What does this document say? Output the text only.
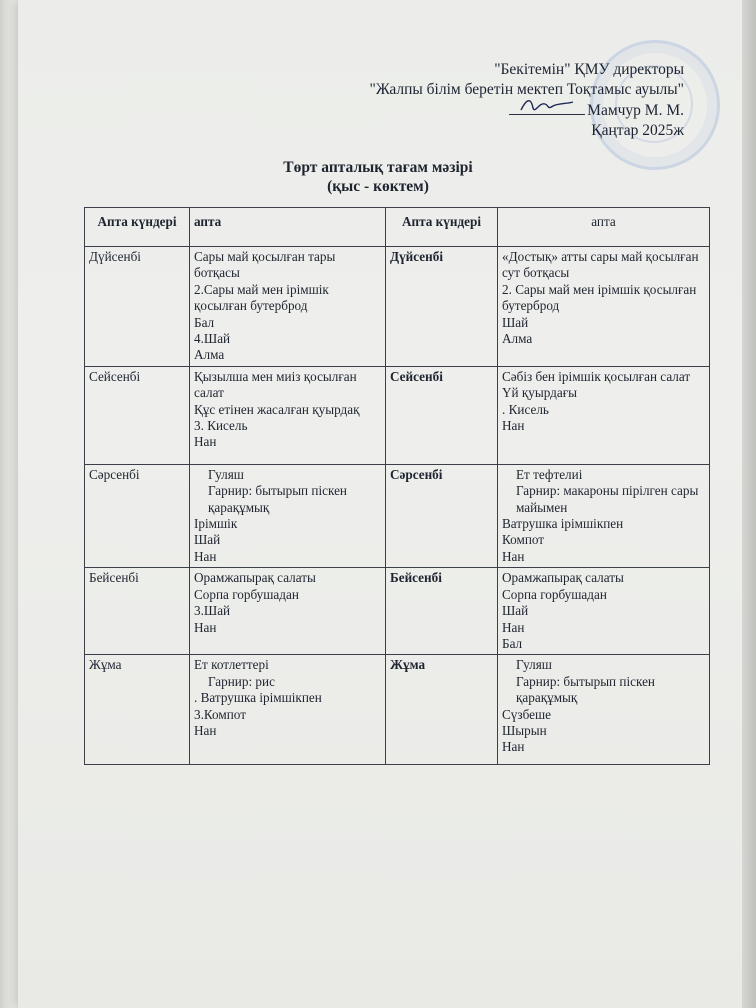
"Бекітемін" ҚМУ директоры
"Жалпы білім беретін мектеп Тоқтамыс ауылы"
Мамчур М. М.
Қаңтар 2025ж
Төрт апталық тағам мәзірі
(қыс - көктем)
Апта күндері	апта	Апта күндері	апта
Дүйсенбі	Сары май қосылған тары ботқасы
2.Сары май мен ірімшік қосылған бутерброд
Бал
4.Шай
Алма	Дүйсенбі	«Достық» атты сары май қосылған сут ботқасы
2. Сары май мен ірімшік қосылған бутерброд
Шай
Алма

Сейсенбі	Қызылша мен миіз қосылған салат
Құс етінен жасалған қуырдақ
3. Кисель
Нан	Сейсенбі	Сәбіз бен ірімшік қосылған салат
Үй қуырдағы
. Кисель
Нан

Сәрсенбі	Гуляш
Гарнир: бытырып піскен қарақұмық
Ірімшік
Шай
Нан	Сәрсенбі	Ет тефтелиі
Гарнир: макароны пірілген сары майымен
Ватрушка ірімшікпен
Компот
Нан

Бейсенбі	Орамжапырақ салаты
Сорпа горбушадан
3.Шай
Нан	Бейсенбі	Орамжапырақ салаты
Сорпа горбушадан
Шай
Нан
Бал

Жұма	Ет котлеттері
Гарнир: рис
. Ватрушка ірімшікпен
3.Компот
Нан	Жұма	Гуляш
Гарнир: бытырып піскен қарақұмық
Сүзбеше
Шырын
Нан
